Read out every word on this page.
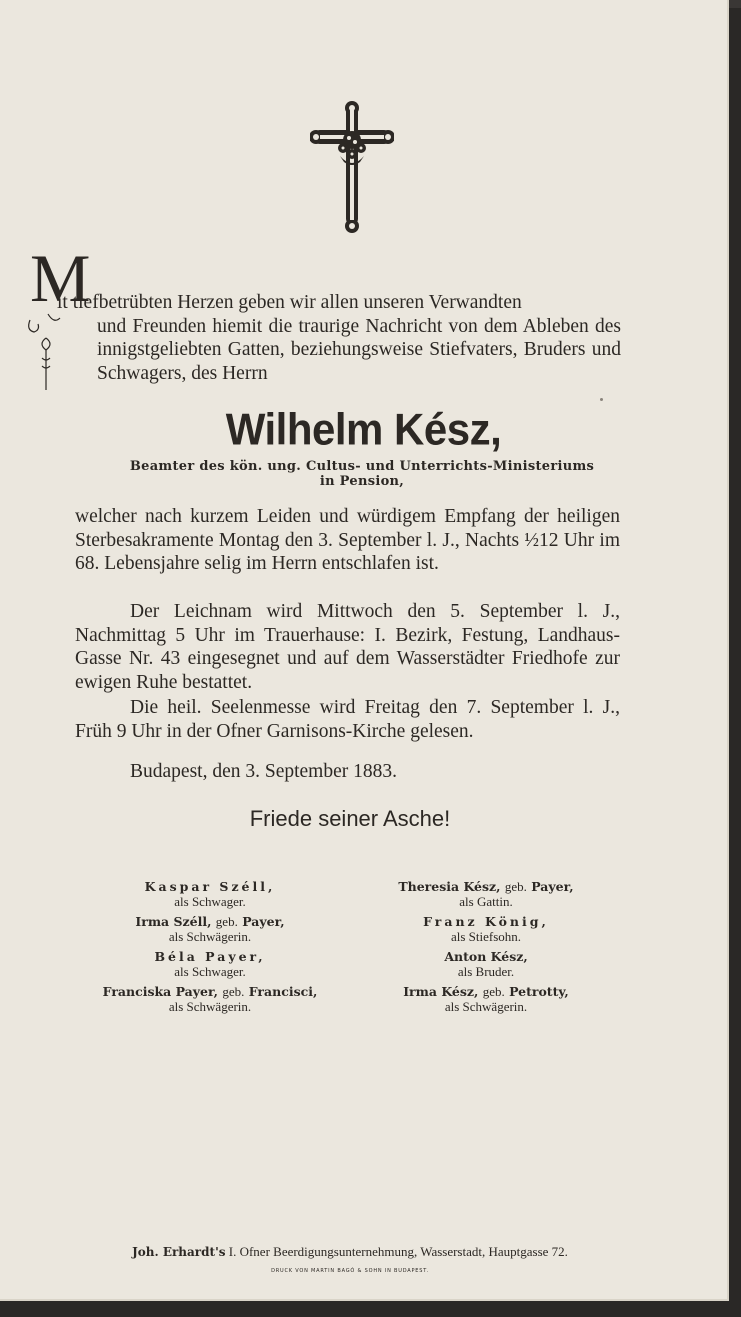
M
it tiefbetrübten Herzen geben wir allen unseren Verwandten
und Freunden hiemit die traurige Nachricht von dem Ableben des innigstgeliebten Gatten, beziehungsweise Stiefvaters, Bruders und Schwagers, des Herrn
Wilhelm Kész,
Beamter des kön. ung. Cultus- und Unterrichts-Ministeriums
in Pension,
welcher nach kurzem Leiden und würdigem Empfang der heiligen Sterbesakramente Montag den 3. September l. J., Nachts ½12 Uhr im 68. Lebensjahre selig im Herrn entschlafen ist.
Der Leichnam wird Mittwoch den 5. September l. J., Nachmittag 5 Uhr im Trauerhause: I. Bezirk, Festung, Landhaus-Gasse Nr. 43 eingesegnet und auf dem Wasserstädter Friedhofe zur ewigen Ruhe bestattet.
Die heil. Seelenmesse wird Freitag den 7. September l. J., Früh 9 Uhr in der Ofner Garnisons-Kirche gelesen.
Budapest, den 3. September 1883.
Friede seiner Asche!
Kaspar Széll,
als Schwager.
Irma Széll, geb. Payer,
als Schwägerin.
Béla Payer,
als Schwager.
Franciska Payer, geb. Francisci,
als Schwägerin.
Theresia Kész, geb. Payer,
als Gattin.
Franz König,
als Stiefsohn.
Anton Kész,
als Bruder.
Irma Kész, geb. Petrotty,
als Schwägerin.
Joh. Erhardt's I. Ofner Beerdigungsunternehmung, Wasserstadt, Hauptgasse 72.
DRUCK VON MARTIN BAGÓ & SOHN IN BUDAPEST.
